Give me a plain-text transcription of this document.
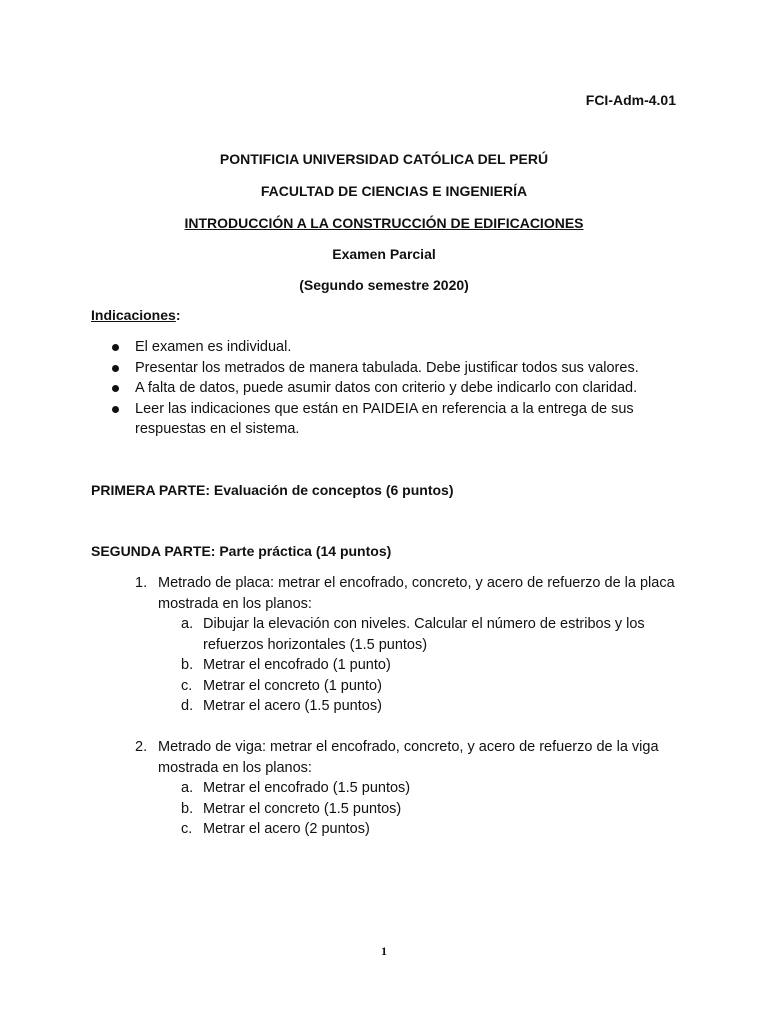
FCI-Adm-4.01
PONTIFICIA UNIVERSIDAD CATÓLICA DEL PERÚ
FACULTAD DE CIENCIAS E INGENIERÍA
INTRODUCCIÓN A LA CONSTRUCCIÓN DE EDIFICACIONES
Examen Parcial
(Segundo semestre 2020)
Indicaciones:
El examen es individual.
Presentar los metrados de manera tabulada. Debe justificar todos sus valores.
A falta de datos, puede asumir datos con criterio y debe indicarlo con claridad.
Leer las indicaciones que están en PAIDEIA en referencia a la entrega de sus respuestas en el sistema.
PRIMERA PARTE: Evaluación de conceptos (6 puntos)
SEGUNDA PARTE: Parte práctica (14 puntos)
1. Metrado de placa: metrar el encofrado, concreto, y acero de refuerzo de la placa mostrada en los planos:
a. Dibujar la elevación con niveles. Calcular el número de estribos y los refuerzos horizontales (1.5 puntos)
b. Metrar el encofrado (1 punto)
c. Metrar el concreto (1 punto)
d. Metrar el acero (1.5 puntos)
2. Metrado de viga: metrar el encofrado, concreto, y acero de refuerzo de la viga mostrada en los planos:
a. Metrar el encofrado (1.5 puntos)
b. Metrar el concreto (1.5 puntos)
c. Metrar el acero (2 puntos)
1
